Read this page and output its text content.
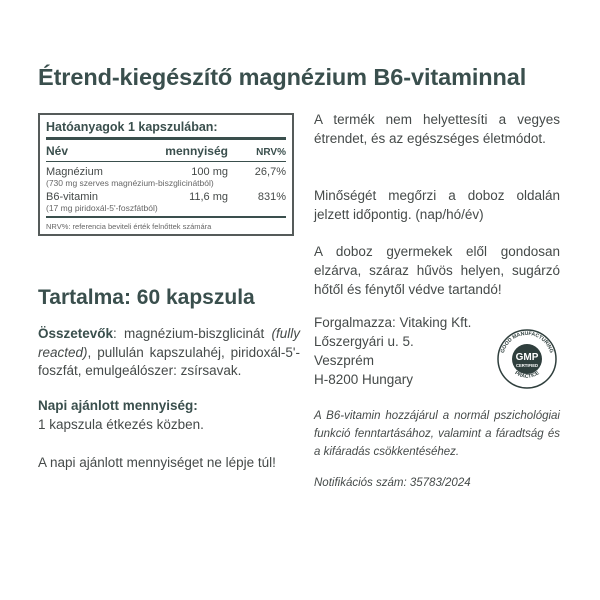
Étrend-kiegészítő magnézium B6-vitaminnal
Hatóanyagok 1 kapszulában:
Név	mennyiség	NRV%
Magnézium	100 mg	26,7%
(730 mg szerves magnézium-biszglicinátból)
B6-vitamin	11,6 mg	831%
(17 mg piridoxál-5'-foszfátból)
NRV%: referencia beviteli érték felnőttek számára
Tartalma: 60 kapszula
Összetevők: magnézium-biszglicinát (fully reacted), pullulán kapszulahéj, piridoxál-5'-foszfát, emulgeálószer: zsírsavak.
Napi ajánlott mennyiség:
1 kapszula étkezés közben.
A napi ajánlott mennyiséget ne lépje túl!
A termék nem helyettesíti a vegyes étrendet, és az egészséges életmódot.
Minőségét megőrzi a doboz oldalán jelzett időpontig. (nap/hó/év)
A doboz gyermekek elől gondosan elzárva, száraz hűvös helyen, sugárzó hőtől és fénytől védve tartandó!
Forgalmazza: Vitaking Kft.
Lőszergyári u. 5.
Veszprém
H-8200 Hungary
GOOD MANUFACTURING
PRACTICE
GMP
CERTIFIED
A B6-vitamin hozzájárul a normál pszichológiai funkció fenntartásához, valamint a fáradtság és a kifáradás csökkentéséhez.
Notifikációs szám: 35783/2024
